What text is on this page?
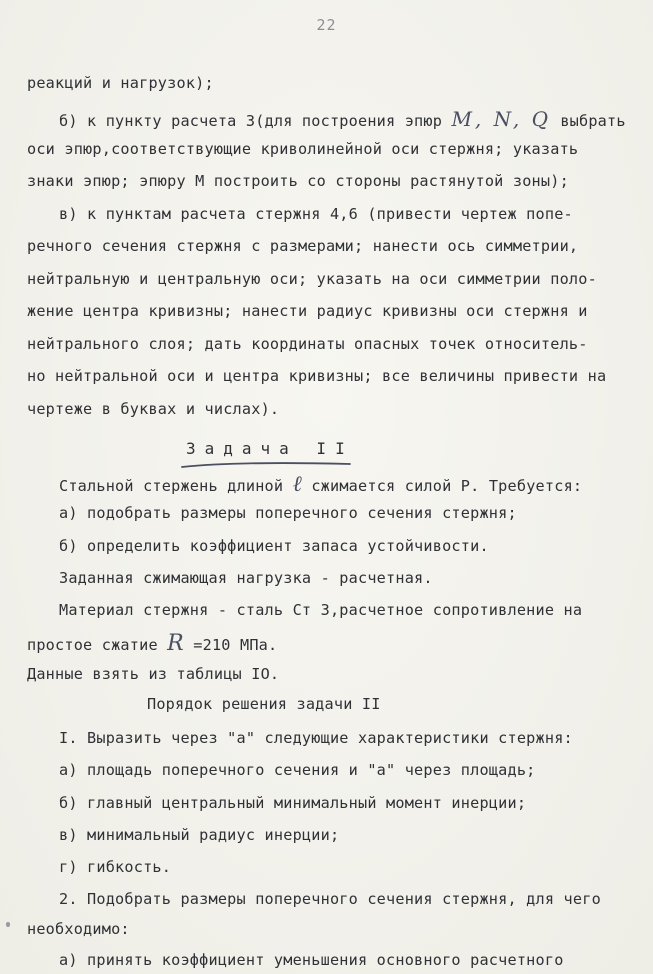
22
реакций и нагрузок);
б) к пункту расчета 3(для построения эпюр M, N, Q выбрать
оси эпюр,соответствующие криволинейной оси стержня; указать
знаки эпюр; эпюру М построить со стороны растянутой зоны);
в) к пунктам расчета стержня 4,6 (привести чертеж попе-
речного сечения стержня с размерами; нанести ось симметрии,
нейтральную и центральную оси; указать на оси симметрии поло-
жение центра кривизны; нанести радиус кривизны оси стержня и
нейтрального слоя; дать координаты опасных точек относитель-
но нейтральной оси и центра кривизны; все величины привести на
чертеже в буквах и числах).
Задача II
Стальной стержень длиной ℓ сжимается силой Р. Требуется:
а) подобрать размеры поперечного сечения стержня;
б) определить коэффициент запаса устойчивости.
Заданная сжимающая нагрузка - расчетная.
Материал стержня - сталь Ст 3,расчетное сопротивление на
простое сжатие R =210 МПа.
Данные взять из таблицы IO.
Порядок решения задачи II
I. Выразить через "а" следующие характеристики стержня:
а) площадь поперечного сечения и "а" через площадь;
б) главный центральный минимальный момент инерции;
в) минимальный радиус инерции;
г) гибкость.
2. Подобрать размеры поперечного сечения стержня, для чего
необходимо:
а) принять коэффициент уменьшения основного расчетного
